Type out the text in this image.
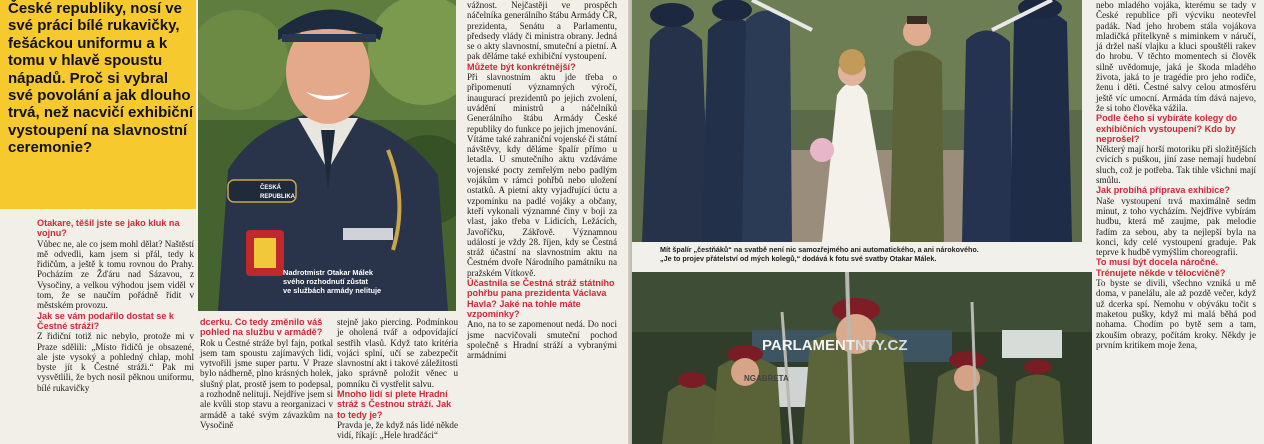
České republiky, nosí ve své práci bílé rukavičky, fešáckou uniformu a k tomu v hlavě spoustu nápadů. Proč si vybral své povolání a jak dlouho trvá, než nacvičí exhibiční vystoupení na slavnostní ceremonie?

Otakare, těšil jste se jako kluk na vojnu?
Vůbec ne, ale co jsem mohl dělat? Naštěstí mě odvedli, kam jsem si přál, tedy k řidičům, a ještě k tomu rovnou do Prahy. Pocházím ze Žďáru nad Sázavou, z Vysočiny, a velkou výhodou jsem viděl v tom, že se naučím pořádně řídit v městském provozu.
Jak se vám podařilo dostat se k Čestné stráži?
Z řidiční totiž nic nebylo, protože mi v Praze sdělili: „Místo řidičů je obsazené, ale jste vysoký a pohledný chlap, mohl byste jít k Čestné stráži.“ Pak mi vysvětlili, že bych nosil pěknou uniformu, bílé rukavičky
ČESKÁ REPUBLIKA
Nadrotmistr Otakar Málek
svého rozhodnutí zůstat
ve službách armády nelituje
dcerku. Co tedy změnilo váš pohled na službu v armádě?
Rok u Čestné stráže byl fajn, potkal jsem tam spoustu zajímavých lidí, vytvořili jsme super partu. V Praze bylo nádherně, plno krásných holek, slušný plat, prostě jsem to podepsal, a rozhodně nelituji. Nejdříve jsem si ale kvůli stop stavu a reorganizaci v armádě a také svým závazkům na Vysočině
stejně jako piercing. Podmínkou je oholená tvář a odpovídající sestřih vlasů. Když tato kritéria vojáci splní, učí se zabezpečit slavnostní akt i takové záležitosti jako správně položit věnec u pomníku či vystřelit salvu.
Mnoho lidí si plete Hradní stráž s Čestnou stráží. Jak to tedy je?
Pravda je, že když nás lidé někde vidí, říkají: „Hele hradčáci“
vážnost. Nejčastěji ve prospěch náčelníka generálního štábu Armády ČR, prezidenta, Senátu a Parlamentu, předsedy vlády či ministra obrany. Jedná se o akty slavnostní, smuteční a pietní. A pak děláme také exhibiční vystoupení.
Můžete být konkrétnější?
Při slavnostním aktu jde třeba o připomenutí významných výročí, inaugurací prezidentů po jejich zvolení, uvádění ministrů a náčelníků Generálního štábu Armády České republiky do funkce po jejich jmenování. Vítáme také zahraniční vojenské či státní návštěvy, kdy děláme špalír přímo u letadla. U smutečního aktu vzdáváme vojenské pocty zemřelým nebo padlým vojákům v rámci pohřbů nebo uložení ostatků. A pietní akty vyjadřující úctu a vzpomínku na padlé vojáky a občany, kteří vykonali významné činy v boji za vlast, jako třeba v Lidicích, Ležácích, Javoříčku, Zákřově. Významnou událostí je vždy 28. říjen, kdy se Čestná stráž účastní na slavnostním aktu na Čestném dvoře Národního památníku na pražském Vítkově.
Účastnila se Čestná stráž státního pohřbu pana prezidenta Václava Havla? Jaké na tohle máte vzpomínky?
Ano, na to se zapomenout nedá. Do noci jsme nacvičovali smuteční pochod společně s Hradní stráží a vybranými armádními
Mít špalír „čestňáků“ na svatbě není nic samozřejmého ani automatického, a ani nárokového.
„Je to projev přátelství od mých kolegů,“ dodává k fotu své svatby Otakar Málek.
PARLAMENTNTY.CZ
NGABRETA
nebo mladého vojáka, kterému se tady v České republice při výcviku neotevřel padák. Nad jeho hrobem stála vojákova mladičká přítelkyně s miminkem v náručí, já držel naší vlajku a kluci spouštěli rakev do hrobu. V těchto momentech si člověk silně uvědomuje, jaká je škoda mladého života, jaká to je tragédie pro jeho rodiče, ženu i děti. Čestné salvy celou atmosféru ještě víc umocní. Armáda tím dává najevo, že si toho člověka vážila.
Podle čeho si vybíráte kolegy do exhibičních vystoupení? Kdo by neprošel?
Některý mají horší motoriku při složitějších cvicích s puškou, jiní zase nemají hudební sluch, což je potřeba. Tak tihle všichni mají smůlu.
Jak probíhá příprava exhibice?
Naše vystoupení trvá maximálně sedm minut, z toho vycházím. Nejdříve vybírám hudbu, která mě zaujme, pak melodie řadím za sebou, aby ta nejlepší byla na konci, kdy celé vystoupení graduje. Pak teprve k hudbě vymýšlím choreografii.
To musí být docela náročné. Trénujete někde v tělocvičně?
To byste se divili, všechno vzniká u mě doma, v panelálu, ale až pozdě večer, když už dcerka spí. Nemohu v obýváku točit s maketou pušky, když mi malá běhá pod nohama. Chodím po bytě sem a tam, zkouším obrazy, počítám kroky. Někdy je prvním kritikem moje žena,
